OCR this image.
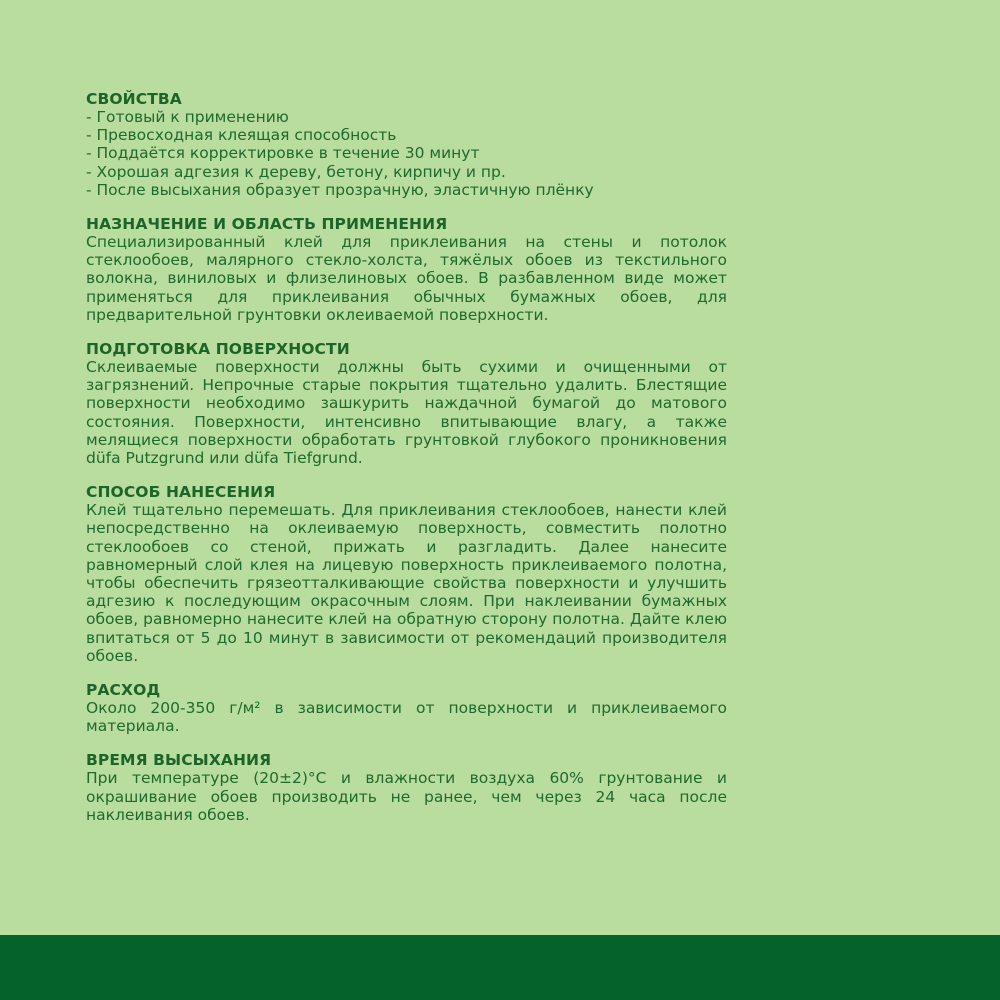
СВОЙСТВА
- Готовый к применению
- Превосходная клеящая способность
- Поддаётся корректировке в течение 30 минут
- Хорошая адгезия к дереву, бетону, кирпичу и пр.
- После высыхания образует прозрачную, эластичную плёнку
НАЗНАЧЕНИЕ И ОБЛАСТЬ ПРИМЕНЕНИЯ
Специализированный клей для приклеивания на стены и потолок стеклообоев, малярного стекло-холста, тяжёлых обоев из текстильного волокна, виниловых и флизелиновых обоев. В разбавленном виде может применяться для приклеивания обычных бумажных обоев, для предварительной грунтовки оклеиваемой поверхности.
ПОДГОТОВКА ПОВЕРХНОСТИ
Склеиваемые поверхности должны быть сухими и очищенными от загрязнений. Непрочные старые покрытия тщательно удалить. Блестящие поверхности необходимо зашкурить наждачной бумагой до матового состояния. Поверхности, интенсивно впитывающие влагу, а также мелящиеся поверхности обработать грунтовкой глубокого проникновения düfa Putzgrund или düfa Tiefgrund.
СПОСОБ НАНЕСЕНИЯ
Клей тщательно перемешать. Для приклеивания стеклообоев, нанести клей непосредственно на оклеиваемую поверхность, совместить полотно стеклообоев со стеной, прижать и разгладить. Далее нанесите равномерный слой клея на лицевую поверхность приклеиваемого полотна, чтобы обеспечить грязеотталкивающие свойства поверхности и улучшить адгезию к последующим окрасочным слоям. При наклеивании бумажных обоев, равномерно нанесите клей на обратную сторону полотна. Дайте клею впитаться от 5 до 10 минут в зависимости от рекомендаций производителя обоев.
РАСХОД
Около 200-350 г/м² в зависимости от поверхности и приклеиваемого материала.
ВРЕМЯ ВЫСЫХАНИЯ
При температуре (20±2)°C и влажности воздуха 60% грунтование и окрашивание обоев производить не ранее, чем через 24 часа после наклеивания обоев.
